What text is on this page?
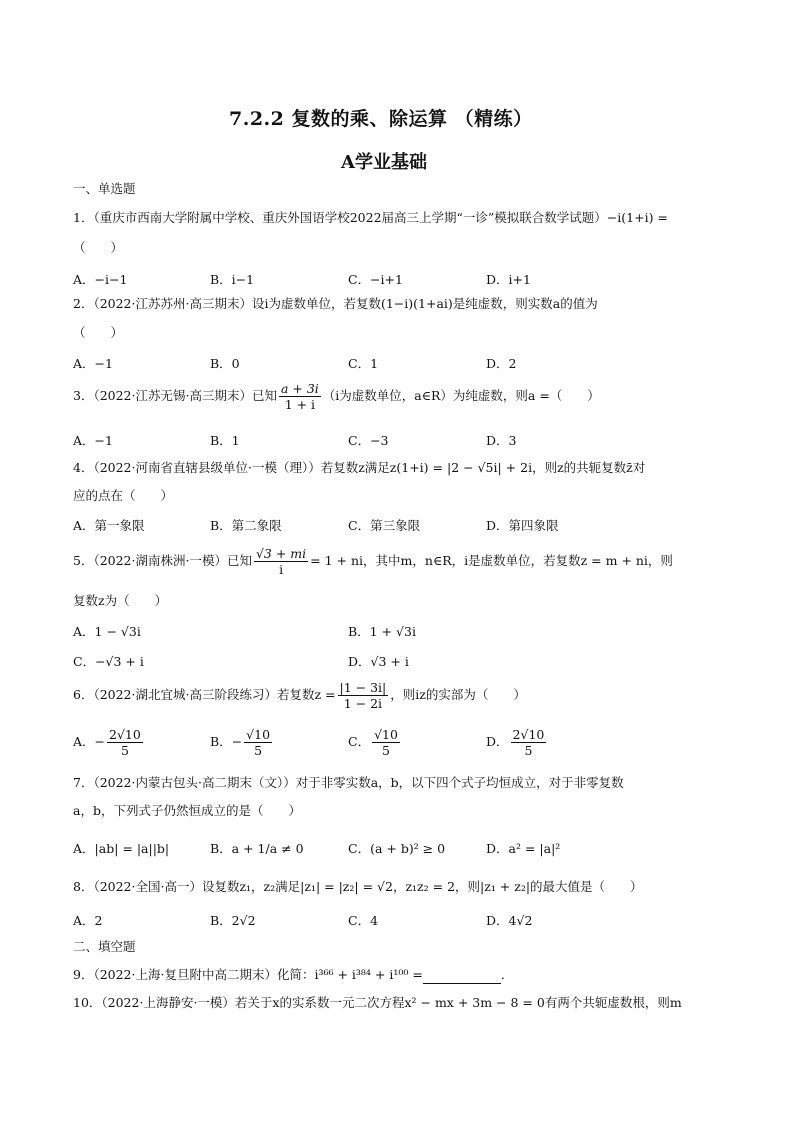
7.2.2 复数的乘、除运算 （精练）
A学业基础
一、单选题
1．（重庆市西南大学附属中学校、重庆外国语学校2022届高三上学期“一诊”模拟联合数学试题）−i(1+i) =
（　　）
A．−i−1	B．i−1	C．−i+1	D．i+1
2．（2022·江苏苏州·高三期末）设i为虚数单位，若复数(1−i)(1+ai)是纯虚数，则实数a的值为
（　　）
A．−1	B．0	C．1	D．2
3．（2022·江苏无锡·高三期末）已知 $\frac{a + 3i}{1 + i} (i$为虚数单位，a∈R）为纯虚数，则a =（　　）
A．−1	B．1	C．−3	D．3
4．（2022·河南省直辖县级单位·一模（理））若复数z满足z(1+i) = |2 − √5i| + 2i，则z的共轭复数z̄对
应的点在（　　）
A．第一象限	B．第二象限	C．第三象限	D．第四象限
5．（2022·湖南株洲·一模）已知 $\frac{√3 + mi}{i} = 1$ + ni，其中m，n∈R，i是虚数单位，若复数z = m + ni，则
复数z为（　　）
A．1 − √3i	B．1 + √3i
C．−√3 + i	D．√3 + i
6．（2022·湖北宜城·高三阶段练习）若复数$z = \frac{|1 - 3i|}{1 - 2i}$ ，则iz的实部为（　　）
A．− $\frac{2√10}{5}$	B．− $\frac{√10}{5}$	C． $\frac{√10}{5}$	D． $\frac{2√10}{5}$
7．（2022·内蒙古包头·高二期末（文））对于非零实数a，b，以下四个式子均恒成立，对于非零复数
a，b，下列式子仍然恒成立的是（　　）
A．|ab| = |a||b|	B．a + 1/a ≠ 0	C．(a + b)² ≥ 0	D．a² = |a|²
8．（2022·全国·高一）设复数z₁，z₂满足|z₁| = |z₂| = √2，z₁z₂ = 2，则|z₁ + z₂|的最大值是（　　）
A．2	B．2√2	C．4	D．4√2
二、填空题
9．（2022·上海·复旦附中高二期末）化简：i³⁶⁶ + i³⁸⁴ + i¹⁰⁰ =	．
10．（2022·上海静安·一模）若关于x的实系数一元二次方程x² − mx + 3m − 8 = 0有两个共轭虚数根，则m
